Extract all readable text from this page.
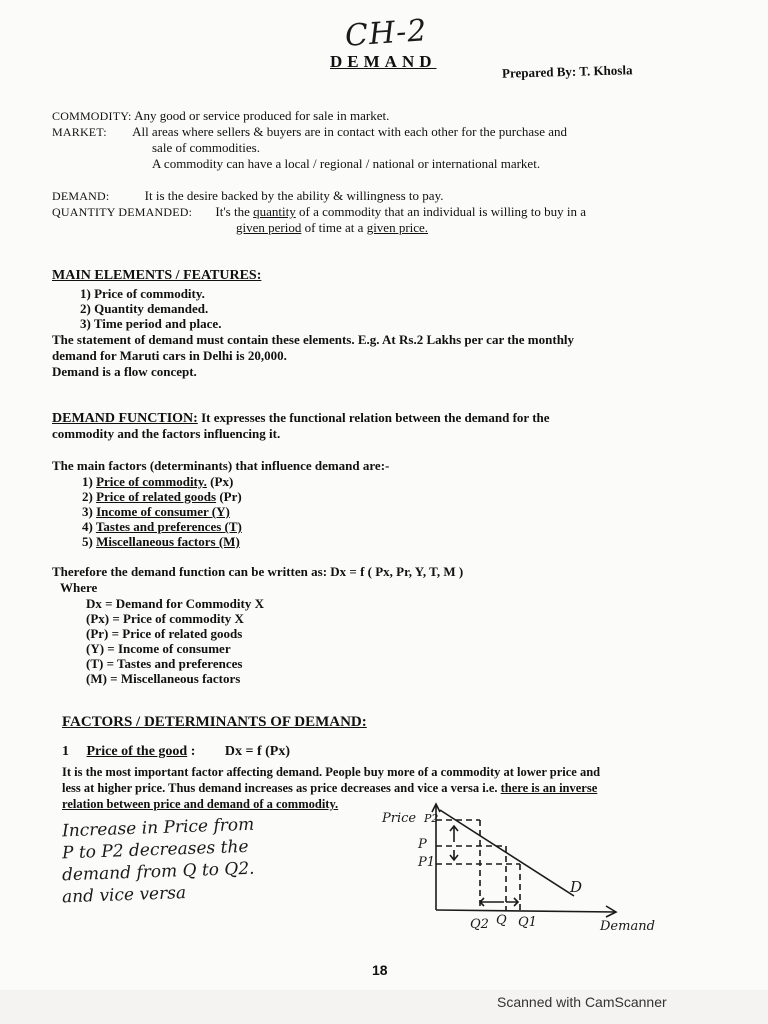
CH-2
DEMAND
Prepared By: T. Khosla
COMMODITY: Any good or service produced for sale in market.
MARKET: All areas where sellers & buyers are in contact with each other for the purchase and
sale of commodities.
A commodity can have a local / regional / national or international market.
DEMAND:	It is the desire backed by the ability & willingness to pay.
QUANTITY DEMANDED: It's the quantity of a commodity that an individual is willing to buy in a
given period of time at a given price.
MAIN ELEMENTS / FEATURES:
1) Price of commodity.
2) Quantity demanded.
3) Time period and place.
The statement of demand must contain these elements. E.g. At Rs.2 Lakhs per car the monthly
demand for Maruti cars in Delhi is 20,000.
Demand is a flow concept.
DEMAND FUNCTION: It expresses the functional relation between the demand for the
commodity and the factors influencing it.
The main factors (determinants) that influence demand are:-
1) Price of commodity. (Px)
2) Price of related goods (Pr)
3) Income of consumer (Y)
4) Tastes and preferences (T)
5) Miscellaneous factors (M)
Therefore the demand function can be written as: Dx = f ( Px, Pr, Y, T, M )
Where
Dx = Demand for Commodity X
(Px) = Price of commodity X
(Pr) = Price of related goods
(Y) = Income of consumer
(T) = Tastes and preferences
(M) = Miscellaneous factors
FACTORS / DETERMINANTS OF DEMAND:
1 Price of the good : Dx = f (Px)
It is the most important factor affecting demand. People buy more of a commodity at lower price and
less at higher price. Thus demand increases as price decreases and vice a versa i.e. there is an inverse
relation between price and demand of a commodity.
Increase in Price from
P to P2 decreases the
demand from Q to Q2.
and vice versa
Price P2
P
P1
D
Q2 Q Q1	Demand
18
Scanned with CamScanner
